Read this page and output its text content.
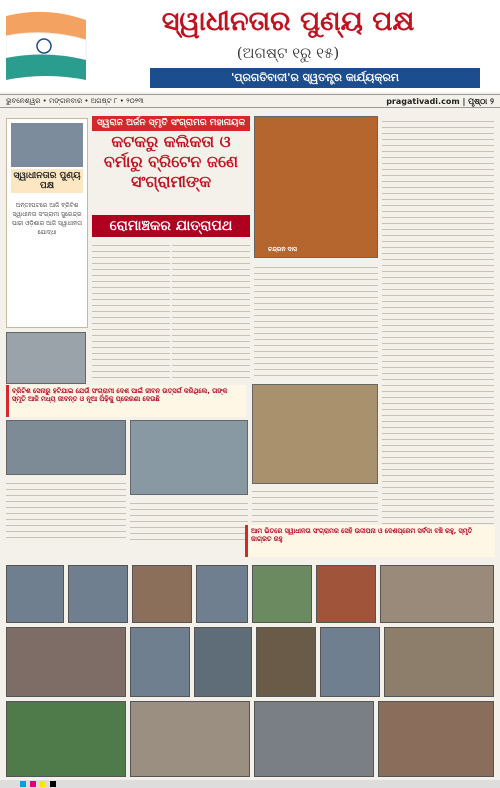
ସ୍ୱାଧୀନତାର ପୁଣ୍ୟ ପକ୍ଷ
(ଅଗଷ୍ଟ ୧ରୁ ୧୫)
'ପ୍ରଗତିବାଦୀ'ର ସ୍ୱତନ୍ତ୍ର କାର୍ଯ୍ୟକ୍ରମ
ଭୁବନେଶ୍ୱର • ମଙ୍ଗଳବାର • ଅଗଷ୍ଟ ୮ • ୨୦୨୩	pragativadi.com | ପୃଷ୍ଠା ୨
ସ୍ୱାଧୀନତାର ପୁଣ୍ୟ ପକ୍ଷ
ଅନ୍ତଃପଟରେ ଆଜି ବ୍ରିଟିଶ ସ୍ୱାଧୀନତା ସଂଗ୍ରାମୀ ସୁରେନ୍ଦ୍ର ପାଢୀ ଓଡ଼ିଶାର ଆଜି ସ୍ୱାଧୀନତା ଯୋଦ୍ଧା
ସ୍ୱରାଜ ଅର୍ଜନ ସ୍ମୃତି ସଂଗ୍ରାମର ମହାନାୟକ
କଟକରୁ କଲିକତା ଓ ବର୍ମାରୁ ବ୍ରିଟେନ ଜଣେ ସଂଗ୍ରାମୀଙ୍କ
ରୋମାଞ୍ଚକର ଯାତ୍ରାପଥ
ଚନ୍ଦ୍ରନ ଦାସ
ବ୍ରିଟିଶ ସେନାରୁ ହଟିଯାଇ ଯେଉଁ ସଂଗ୍ରାମୀ ଦେଶ ପାଇଁ ଜୀବନ ଉତ୍ସର୍ଗ କରିଥିଲେ, ତାଙ୍କ ସ୍ମୃତି ଆଜି ମଧ୍ୟ ଜୀବନ୍ତ ଓ ନୂଆ ପିଢ଼ିକୁ ପ୍ରେରଣା ଦେଉଛି
ଆମ ଭିତରେ ସ୍ୱାଧୀନତା ସଂଗ୍ରାମର ସେହି ଉଦ୍ଦୀପନା ଓ ଦେଶପ୍ରେମ ସର୍ବଦା ବଞ୍ଚି ରହୁ, ସ୍ମୃତି ଜାଗ୍ରତ ରହୁ
